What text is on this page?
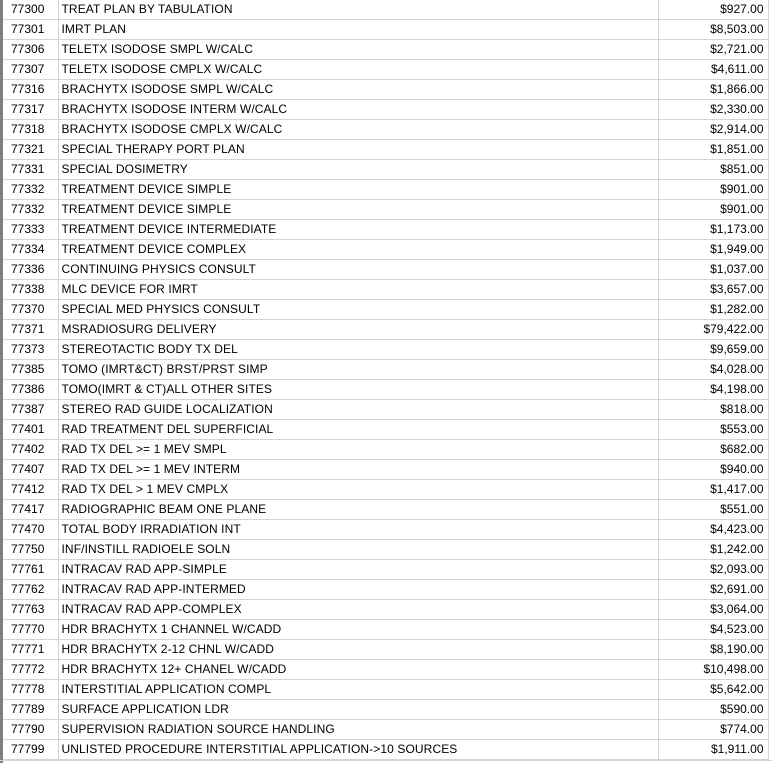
77300	TREAT PLAN BY TABULATION	$927.00
77301	IMRT PLAN	$8,503.00
77306	TELETX ISODOSE SMPL W/CALC	$2,721.00
77307	TELETX ISODOSE CMPLX W/CALC	$4,611.00
77316	BRACHYTX ISODOSE SMPL W/CALC	$1,866.00
77317	BRACHYTX ISODOSE INTERM W/CALC	$2,330.00
77318	BRACHYTX ISODOSE CMPLX W/CALC	$2,914.00
77321	SPECIAL THERAPY PORT PLAN	$1,851.00
77331	SPECIAL DOSIMETRY	$851.00
77332	TREATMENT DEVICE SIMPLE	$901.00
77332	TREATMENT DEVICE SIMPLE	$901.00
77333	TREATMENT DEVICE INTERMEDIATE	$1,173.00
77334	TREATMENT DEVICE COMPLEX	$1,949.00
77336	CONTINUING PHYSICS CONSULT	$1,037.00
77338	MLC DEVICE FOR IMRT	$3,657.00
77370	SPECIAL MED PHYSICS CONSULT	$1,282.00
77371	MSRADIOSURG DELIVERY	$79,422.00
77373	STEREOTACTIC BODY TX DEL	$9,659.00
77385	TOMO (IMRT&CT) BRST/PRST SIMP	$4,028.00
77386	TOMO(IMRT & CT)ALL OTHER SITES	$4,198.00
77387	STEREO RAD GUIDE LOCALIZATION	$818.00
77401	RAD TREATMENT DEL SUPERFICIAL	$553.00
77402	RAD TX DEL >= 1 MEV SMPL	$682.00
77407	RAD TX DEL >= 1 MEV INTERM	$940.00
77412	RAD TX DEL > 1 MEV CMPLX	$1,417.00
77417	RADIOGRAPHIC BEAM ONE PLANE	$551.00
77470	TOTAL BODY IRRADIATION INT	$4,423.00
77750	INF/INSTILL RADIOELE SOLN	$1,242.00
77761	INTRACAV RAD APP-SIMPLE	$2,093.00
77762	INTRACAV RAD APP-INTERMED	$2,691.00
77763	INTRACAV RAD APP-COMPLEX	$3,064.00
77770	HDR BRACHYTX 1 CHANNEL W/CADD	$4,523.00
77771	HDR BRACHYTX 2-12 CHNL W/CADD	$8,190.00
77772	HDR BRACHYTX 12+ CHANEL W/CADD	$10,498.00
77778	INTERSTITIAL APPLICATION COMPL	$5,642.00
77789	SURFACE APPLICATION LDR	$590.00
77790	SUPERVISION RADIATION SOURCE HANDLING	$774.00
77799	UNLISTED PROCEDURE INTERSTITIAL APPLICATION->10 SOURCES	$1,911.00
